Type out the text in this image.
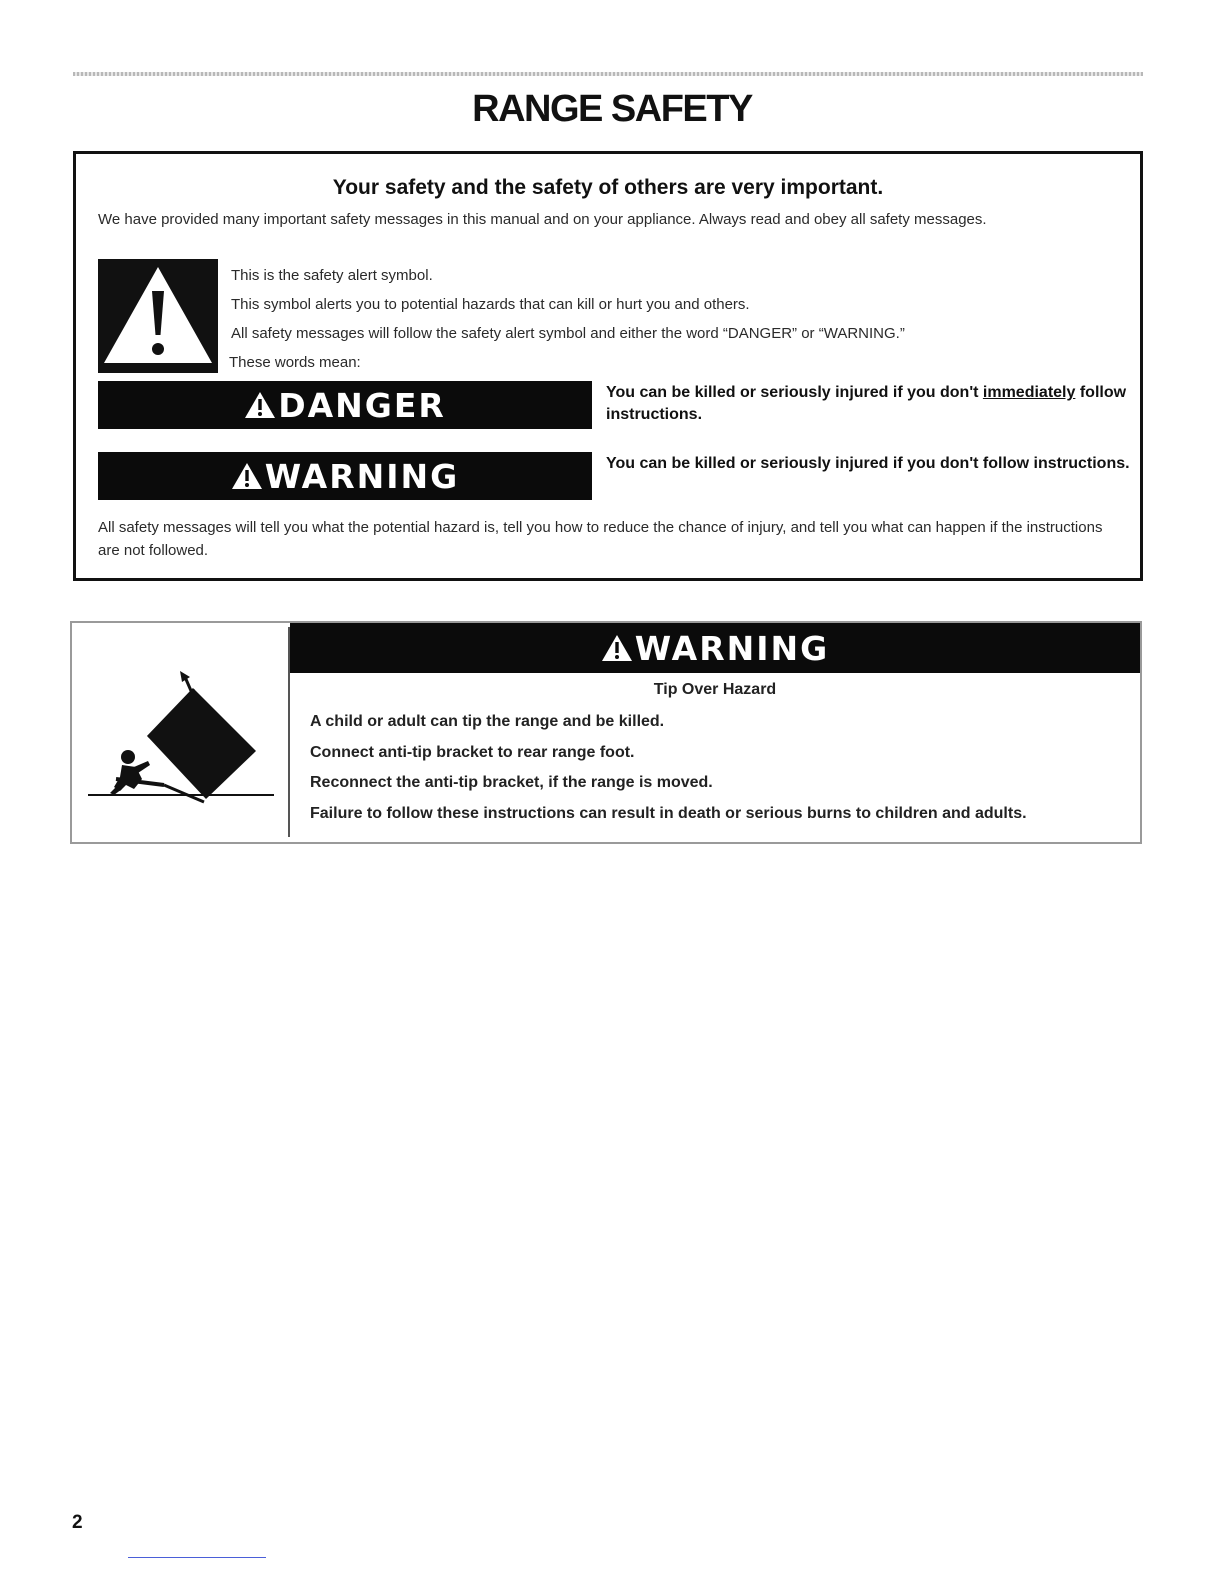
RANGE SAFETY
Your safety and the safety of others are very important.
We have provided many important safety messages in this manual and on your appliance. Always read and obey all safety messages.
This is the safety alert symbol.
This symbol alerts you to potential hazards that can kill or hurt you and others.
All safety messages will follow the safety alert symbol and either the word “DANGER” or “WARNING.”
These words mean:
DANGER	You can be killed or seriously injured if you don't immediately follow instructions.
WARNING	You can be killed or seriously injured if you don't follow instructions.
All safety messages will tell you what the potential hazard is, tell you how to reduce the chance of injury, and tell you what can happen if the instructions are not followed.
WARNING
Tip Over Hazard
A child or adult can tip the range and be killed.
Connect anti-tip bracket to rear range foot.
Reconnect the anti-tip bracket, if the range is moved.
Failure to follow these instructions can result in death or serious burns to children and adults.
2
